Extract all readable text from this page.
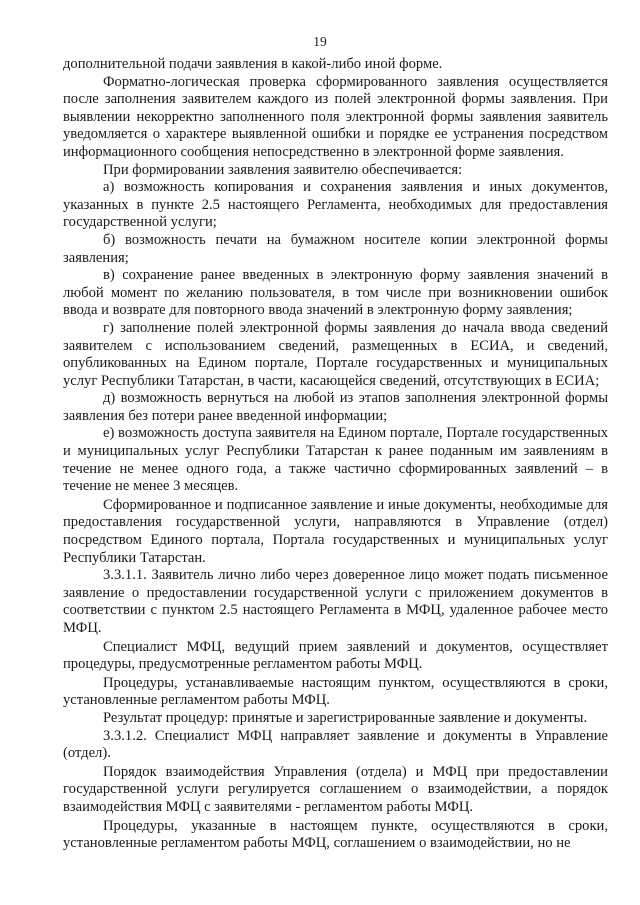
19

дополнительной подачи заявления в какой-либо иной форме.

Форматно-логическая проверка сформированного заявления осуществляется после заполнения заявителем каждого из полей электронной формы заявления. При выявлении некорректно заполненного поля электронной формы заявления заявитель уведомляется о характере выявленной ошибки и порядке ее устранения посредством информационного сообщения непосредственно в электронной форме заявления.

При формировании заявления заявителю обеспечивается:

а) возможность копирования и сохранения заявления и иных документов, указанных в пункте 2.5 настоящего Регламента, необходимых для предоставления государственной услуги;

б) возможность печати на бумажном носителе копии электронной формы заявления;

в) сохранение ранее введенных в электронную форму заявления значений в любой момент по желанию пользователя, в том числе при возникновении ошибок ввода и возврате для повторного ввода значений в электронную форму заявления;

г) заполнение полей электронной формы заявления до начала ввода сведений заявителем с использованием сведений, размещенных в ЕСИА, и сведений, опубликованных на Едином портале, Портале государственных и муниципальных услуг Республики Татарстан, в части, касающейся сведений, отсутствующих в ЕСИА;

д) возможность вернуться на любой из этапов заполнения электронной формы заявления без потери ранее введенной информации;

е) возможность доступа заявителя на Едином портале, Портале государственных и муниципальных услуг Республики Татарстан к ранее поданным им заявлениям в течение не менее одного года, а также частично сформированных заявлений – в течение не менее 3 месяцев.

Сформированное и подписанное заявление и иные документы, необходимые для предоставления государственной услуги, направляются в Управление (отдел) посредством Единого портала, Портала государственных и муниципальных услуг Республики Татарстан.

3.3.1.1. Заявитель лично либо через доверенное лицо может подать письменное заявление о предоставлении государственной услуги с приложением документов в соответствии с пунктом 2.5 настоящего Регламента в МФЦ, удаленное рабочее место МФЦ.

Специалист МФЦ, ведущий прием заявлений и документов, осуществляет процедуры, предусмотренные регламентом работы МФЦ.

Процедуры, устанавливаемые настоящим пунктом, осуществляются в сроки, установленные регламентом работы МФЦ.

Результат процедур: принятые и зарегистрированные заявление и документы.

3.3.1.2. Специалист МФЦ направляет заявление и документы в Управление (отдел).

Порядок взаимодействия Управления (отдела) и МФЦ при предоставлении государственной услуги регулируется соглашением о взаимодействии, а порядок взаимодействия МФЦ с заявителями - регламентом работы МФЦ.

Процедуры, указанные в настоящем пункте, осуществляются в сроки, установленные регламентом работы МФЦ, соглашением о взаимодействии, но не
